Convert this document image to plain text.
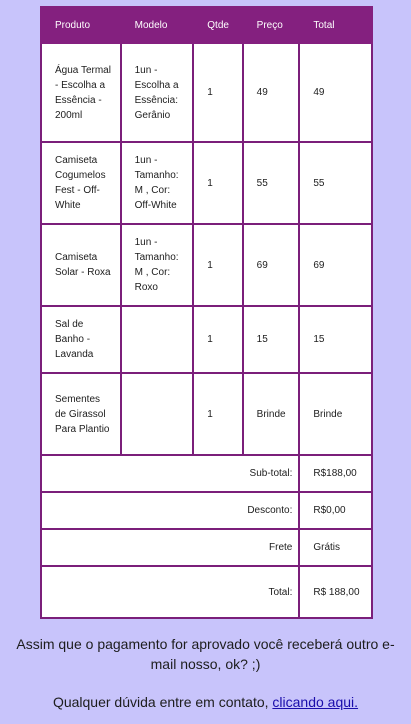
Produto	Modelo	Qtde	Preço	Total
Água Termal - Escolha a Essência - 200ml	1un - Escolha a Essência: Gerânio	1	49	49
Camiseta Cogumelos Fest - Off-White	1un - Tamanho: M , Cor: Off-White	1	55	55
Camiseta Solar - Roxa	1un - Tamanho: M , Cor: Roxo	1	69	69
Sal de Banho - Lavanda		1	15	15
Sementes de Girassol Para Plantio		1	Brinde	Brinde
Sub-total:				R$188,00
Desconto:				R$0,00
Frete				Grátis
Total:				R$ 188,00
Assim que o pagamento for aprovado você receberá outro e-mail nosso, ok? ;)
Qualquer dúvida entre em contato, clicando aqui.
